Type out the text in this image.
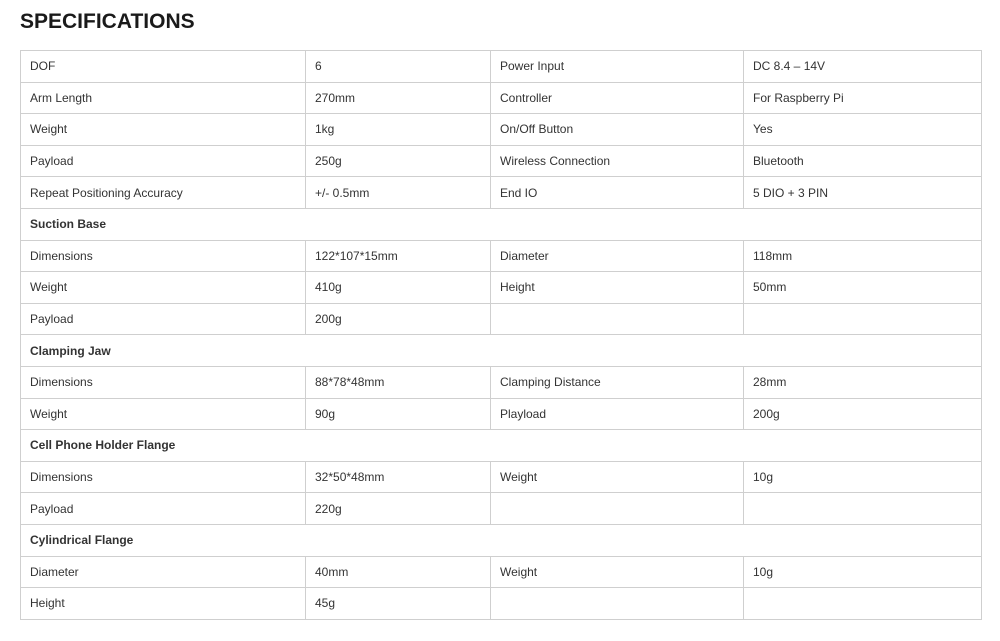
SPECIFICATIONS
DOF	6	Power Input	DC 8.4 – 14V
Arm Length	270mm	Controller	For Raspberry Pi
Weight	1kg	On/Off Button	Yes
Payload	250g	Wireless Connection	Bluetooth
Repeat Positioning Accuracy	+/- 0.5mm	End IO	5 DIO + 3 PIN
Suction Base			
Dimensions	122*107*15mm	Diameter	118mm
Weight	410g	Height	50mm
Payload	200g		
Clamping Jaw			
Dimensions	88*78*48mm	Clamping Distance	28mm
Weight	90g	Playload	200g
Cell Phone Holder Flange			
Dimensions	32*50*48mm	Weight	10g
Payload	220g		
Cylindrical Flange			
Diameter	40mm	Weight	10g
Height	45g		
